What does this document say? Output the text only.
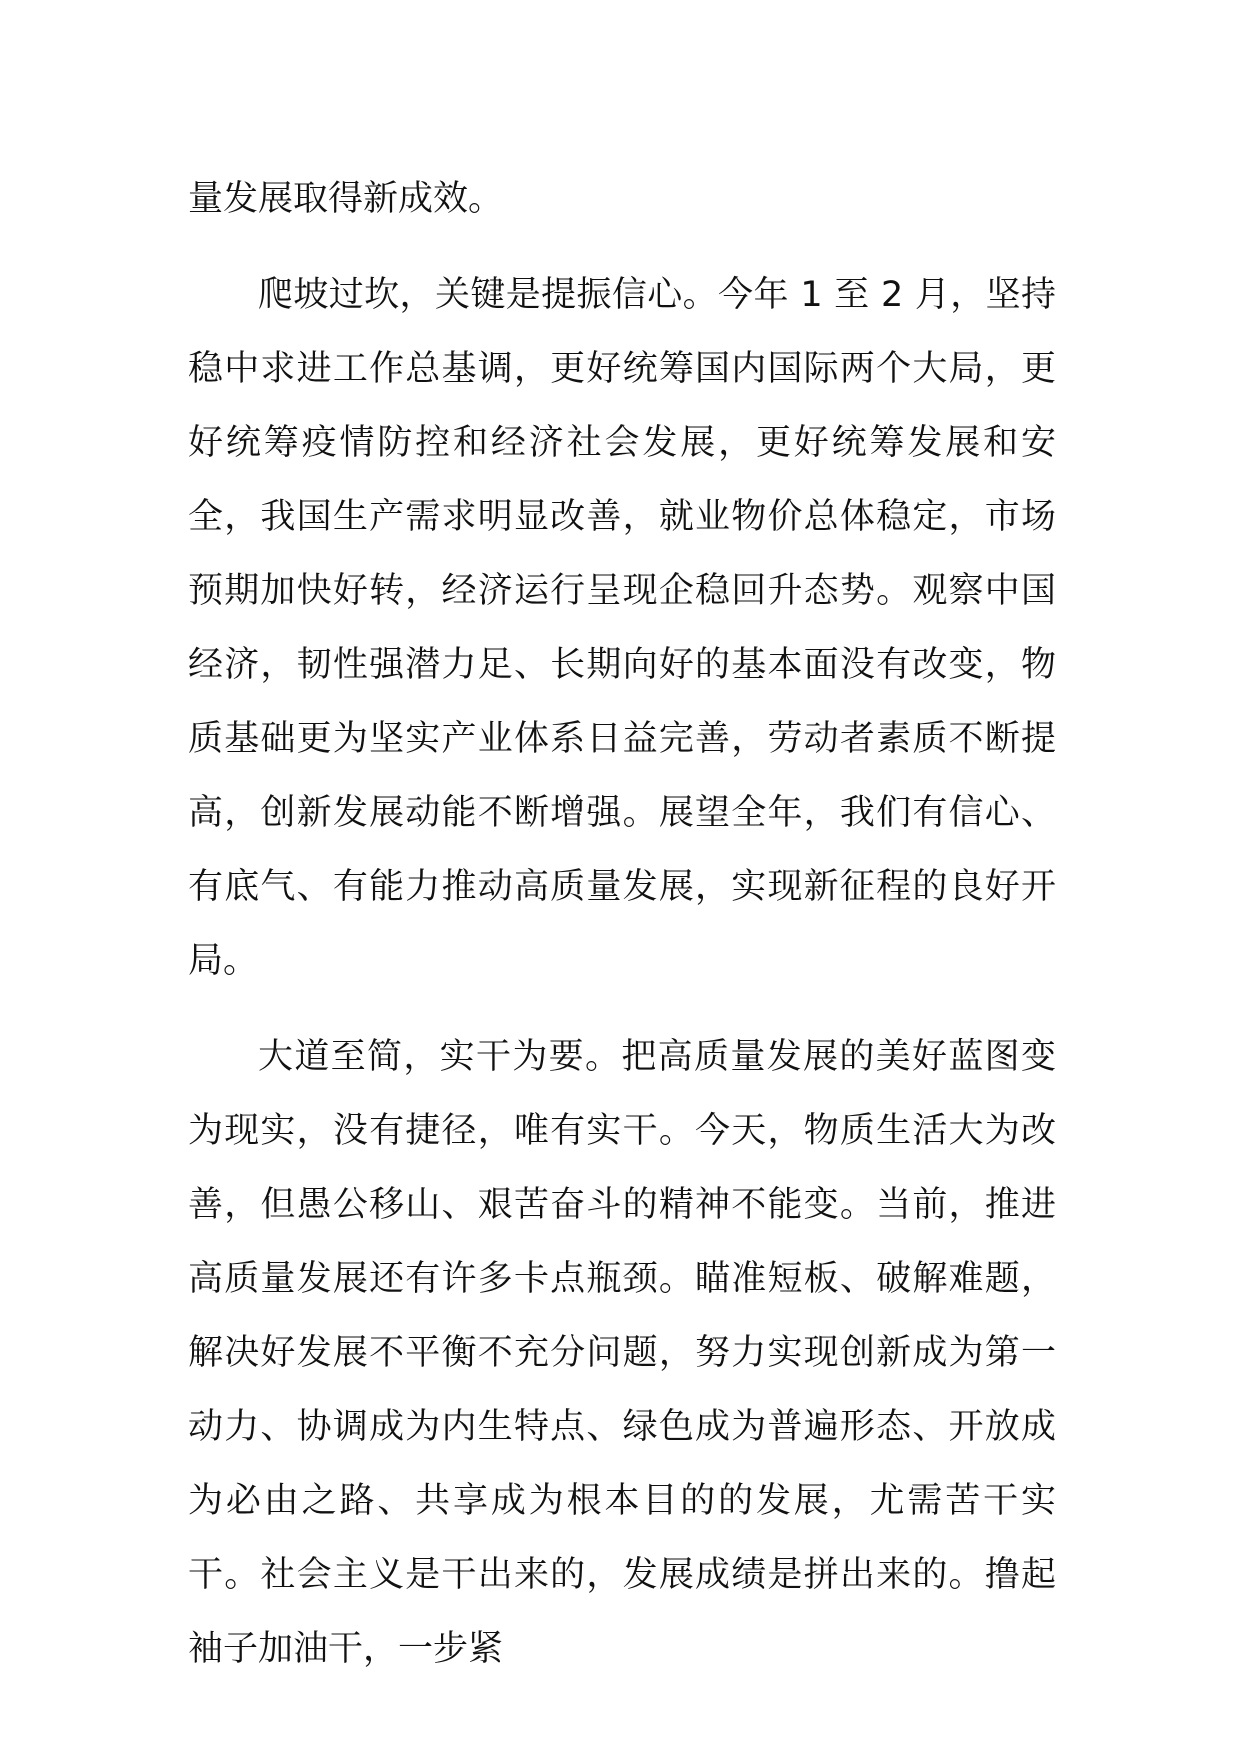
量发展取得新成效。

爬坡过坎，关键是提振信心。今年 1 至 2 月，坚持稳中求进工作总基调，更好统筹国内国际两个大局，更好统筹疫情防控和经济社会发展，更好统筹发展和安全，我国生产需求明显改善，就业物价总体稳定，市场预期加快好转，经济运行呈现企稳回升态势。观察中国经济，韧性强潜力足、长期向好的基本面没有改变，物质基础更为坚实产业体系日益完善，劳动者素质不断提高，创新发展动能不断增强。展望全年，我们有信心、有底气、有能力推动高质量发展，实现新征程的良好开局。

大道至简，实干为要。把高质量发展的美好蓝图变为现实，没有捷径，唯有实干。今天，物质生活大为改善，但愚公移山、艰苦奋斗的精神不能变。当前，推进高质量发展还有许多卡点瓶颈。瞄准短板、破解难题，解决好发展不平衡不充分问题，努力实现创新成为第一动力、协调成为内生特点、绿色成为普遍形态、开放成为必由之路、共享成为根本目的的发展，尤需苦干实干。社会主义是干出来的，发展成绩是拼出来的。撸起袖子加油干，一步紧
